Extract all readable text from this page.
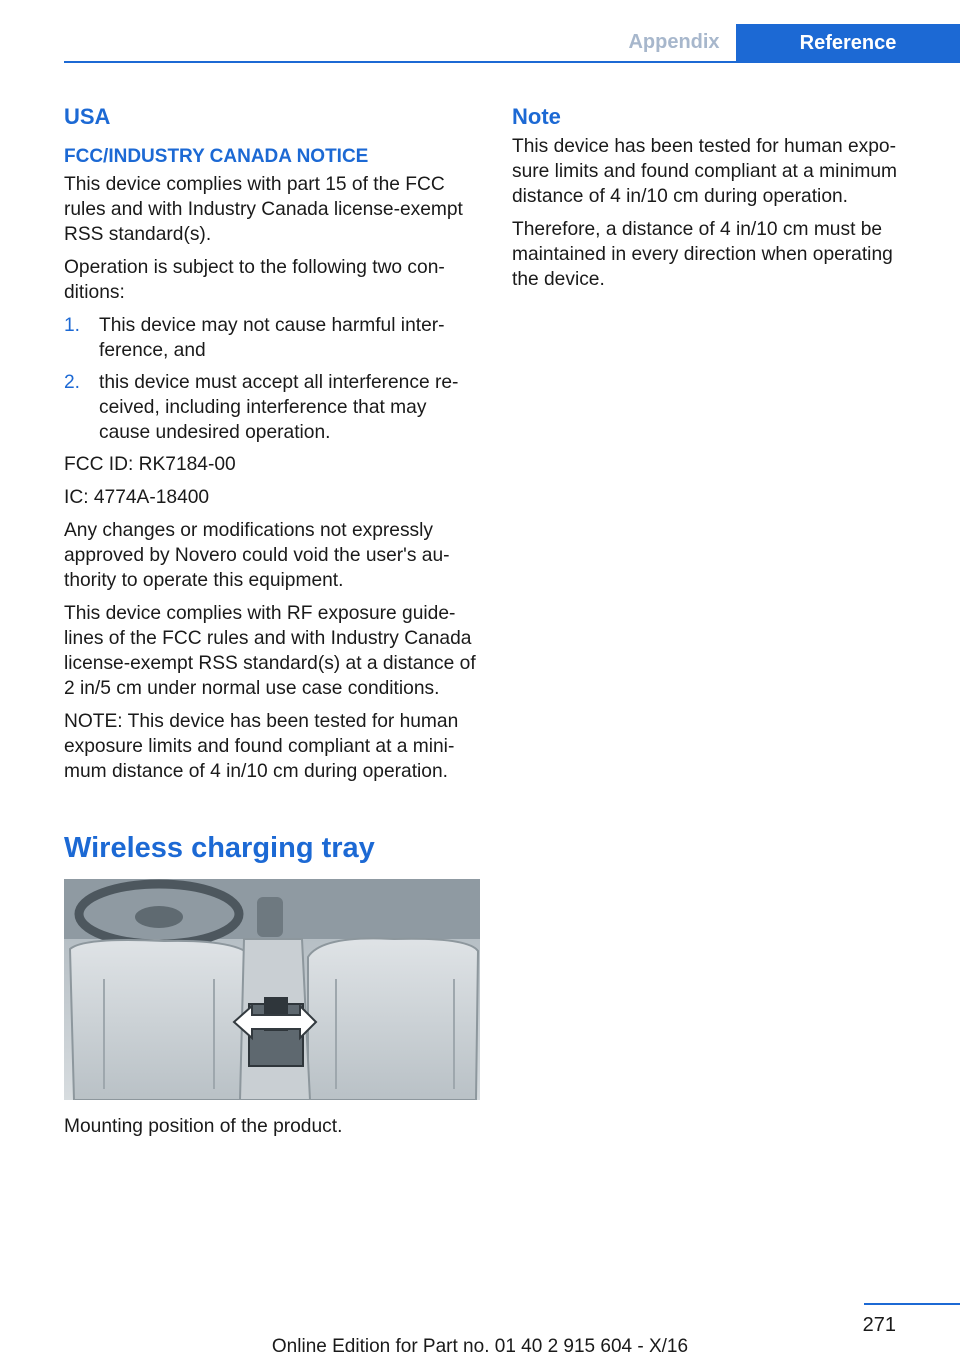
Appendix	Reference
USA
FCC/INDUSTRY CANADA NOTICE

This device complies with part 15 of the FCC rules and with Industry Canada license-exempt RSS standard(s).

Operation is subject to the following two conditions:

1. This device may not cause harmful interference, and
2. this device must accept all interference received, including interference that may cause undesired operation.

FCC ID: RK7184-00

IC: 4774A-18400

Any changes or modifications not expressly approved by Novero could void the user's authority to operate this equipment.

This device complies with RF exposure guidelines of the FCC rules and with Industry Canada license-exempt RSS standard(s) at a distance of 2 in/5 cm under normal use case conditions.

NOTE: This device has been tested for human exposure limits and found compliant at a minimum distance of 4 in/10 cm during operation.

Wireless charging tray

Mounting position of the product.

Note

This device has been tested for human exposure limits and found compliant at a minimum distance of 4 in/10 cm during operation.

Therefore, a distance of 4 in/10 cm must be maintained in every direction when operating the device.

271
Online Edition for Part no. 01 40 2 915 604 - X/16
